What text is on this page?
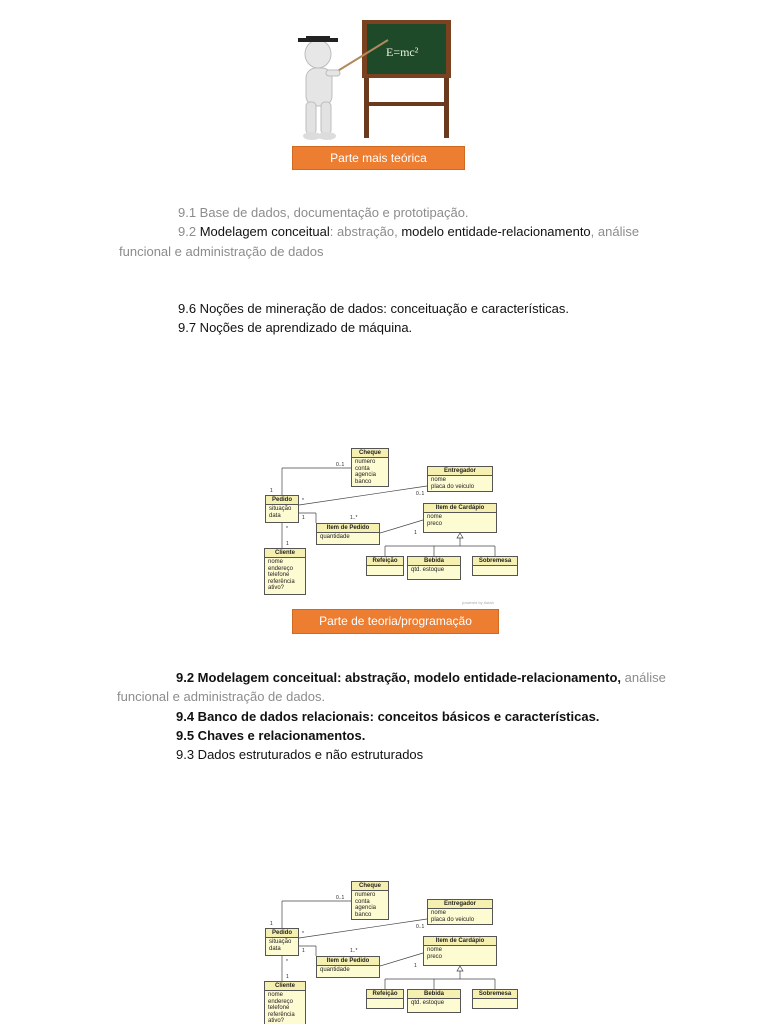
E=mc²
Parte mais teórica
9.1 Base de dados, documentação e prototipação.
9.2 Modelagem conceitual: abstração, modelo entidade-relacionamento, análise
funcional e administração de dados
9.6 Noções de mineração de dados: conceituação e características.
9.7 Noções de aprendizado de máquina.
Cheque
numero
conta
agencia
banco
Entregador
nome
placa do veiculo
Pedido
situação
data
Item de Cardápio
nome
preco
Item de Pedido
quantidade
Cliente
nome
endereço
telefone
referência
ativo?
Refeição
	Bebida
qtd. estoque
Sobremesa

0..1
0..1
1
1	1..*
1
*
*
1
powered by Astah
Parte de teoria/programação
9.2 Modelagem conceitual: abstração, modelo entidade-relacionamento, análise
funcional e administração de dados.
9.4 Banco de dados relacionais: conceitos básicos e características.
9.5 Chaves e relacionamentos.
9.3 Dados estruturados e não estruturados
Cheque
numero
conta
agencia
banco
Entregador
nome
placa do veiculo
Pedido
situação
data
Item de Cardápio
nome
preco
Item de Pedido
quantidade
Cliente
nome
endereço
telefone
referência
ativo?
Refeição
	Bebida
qtd. estoque
Sobremesa

0..1
0..1
1
1	1..*
1
*
*
1
